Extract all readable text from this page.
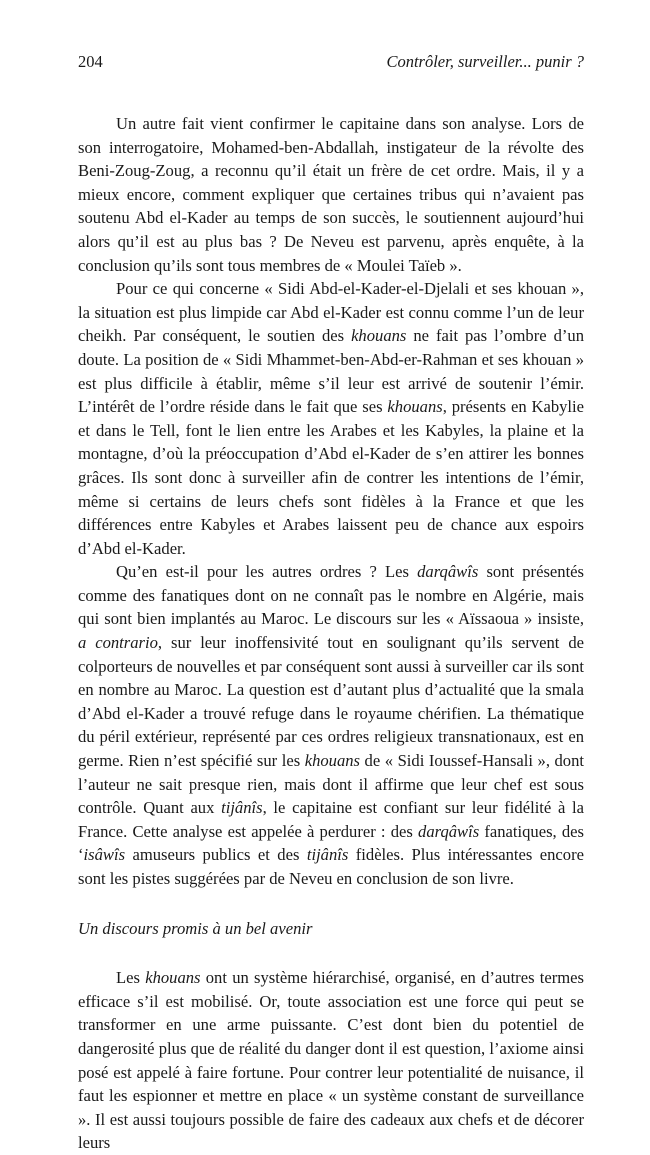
204	Contrôler, surveiller... punir ?

Un autre fait vient confirmer le capitaine dans son analyse. Lors de son interrogatoire, Mohamed-ben-Abdallah, instigateur de la révolte des Beni-Zoug-Zoug, a reconnu qu’il était un frère de cet ordre. Mais, il y a mieux encore, comment expliquer que certaines tribus qui n’avaient pas soutenu Abd el-Kader au temps de son succès, le soutiennent aujourd’hui alors qu’il est au plus bas ? De Neveu est parvenu, après enquête, à la conclusion qu’ils sont tous membres de « Moulei Taïeb ».

Pour ce qui concerne « Sidi Abd-el-Kader-el-Djelali et ses khouan », la situation est plus limpide car Abd el-Kader est connu comme l’un de leur cheikh. Par conséquent, le soutien des khouans ne fait pas l’ombre d’un doute. La position de « Sidi Mhammet-ben-Abd-er-Rahman et ses khouan » est plus difficile à établir, même s’il leur est arrivé de soutenir l’émir. L’intérêt de l’ordre réside dans le fait que ses khouans, présents en Kabylie et dans le Tell, font le lien entre les Arabes et les Kabyles, la plaine et la montagne, d’où la préoccupation d’Abd el-Kader de s’en attirer les bonnes grâces. Ils sont donc à surveiller afin de contrer les intentions de l’émir, même si certains de leurs chefs sont fidèles à la France et que les différences entre Kabyles et Arabes laissent peu de chance aux espoirs d’Abd el-Kader.

Qu’en est-il pour les autres ordres ? Les darqâwîs sont présentés comme des fanatiques dont on ne connaît pas le nombre en Algérie, mais qui sont bien implantés au Maroc. Le discours sur les « Aïssaoua » insiste, a contrario, sur leur inoffensivité tout en soulignant qu’ils servent de colporteurs de nouvelles et par conséquent sont aussi à surveiller car ils sont en nombre au Maroc. La question est d’autant plus d’actualité que la smala d’Abd el-Kader a trouvé refuge dans le royaume chérifien. La thématique du péril extérieur, représenté par ces ordres religieux transnationaux, est en germe. Rien n’est spécifié sur les khouans de « Sidi Ioussef-Hansali », dont l’auteur ne sait presque rien, mais dont il affirme que leur chef est sous contrôle. Quant aux tijânîs, le capitaine est confiant sur leur fidélité à la France. Cette analyse est appelée à perdurer : des darqâwîs fanatiques, des ‘isâwîs amuseurs publics et des tijânîs fidèles. Plus intéressantes encore sont les pistes suggérées par de Neveu en conclusion de son livre.

Un discours promis à un bel avenir

Les khouans ont un système hiérarchisé, organisé, en d’autres termes efficace s’il est mobilisé. Or, toute association est une force qui peut se transformer en une arme puissante. C’est dont bien du potentiel de dangerosité plus que de réalité du danger dont il est question, l’axiome ainsi posé est appelé à faire fortune. Pour contrer leur potentialité de nuisance, il faut les espionner et mettre en place « un système constant de surveillance ». Il est aussi toujours possible de faire des cadeaux aux chefs et de décorer leurs
